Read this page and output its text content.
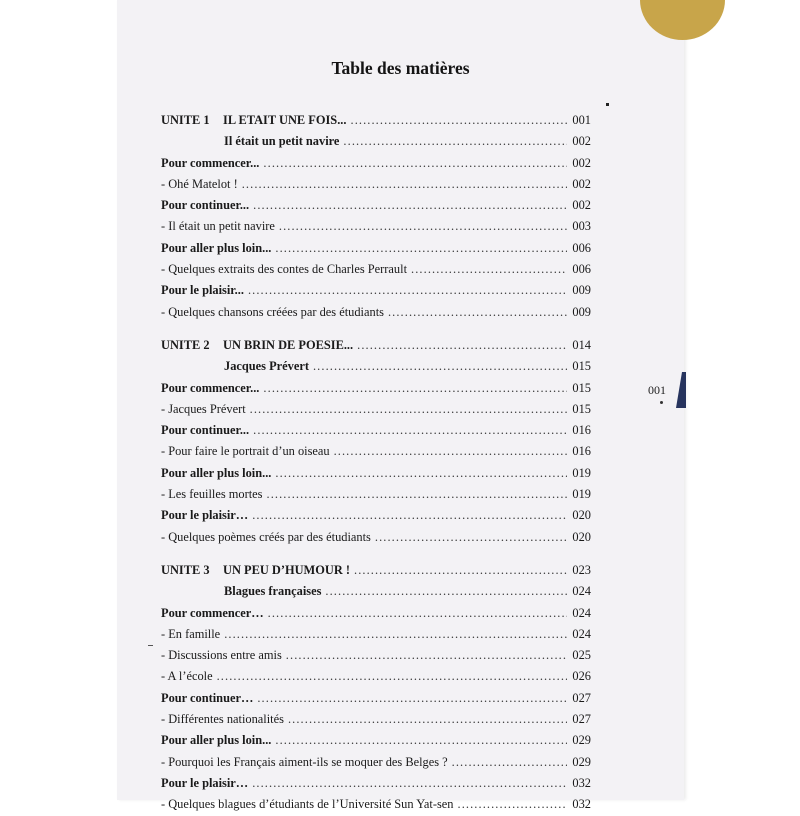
Table des matières
UNITE 1 IL ETAIT UNE FOIS... .....	001
Il était un petit navire .....	002
Pour commencer... .....	002
- Ohé Matelot ! .....	002
Pour continuer... .....	002
- Il était un petit navire .....	003
Pour aller plus loin... .....	006
- Quelques extraits des contes de Charles Perrault .....	006
Pour le plaisir... .....	009
- Quelques chansons créées par des étudiants .....	009
UNITE 2 UN BRIN DE POESIE... .....	014
Jacques Prévert .....	015
Pour commencer... .....	015
- Jacques Prévert .....	015
Pour continuer... .....	016
- Pour faire le portrait d’un oiseau .....	016
Pour aller plus loin... .....	019
- Les feuilles mortes .....	019
Pour le plaisir… .....	020
- Quelques poèmes créés par des étudiants .....	020
UNITE 3 UN PEU D’HUMOUR ! .....	023
Blagues françaises .....	024
Pour commencer… .....	024
- En famille .....	024
- Discussions entre amis .....	025
- A l’école .....	026
Pour continuer… .....	027
- Différentes nationalités .....	027
Pour aller plus loin... .....	029
- Pourquoi les Français aiment-ils se moquer des Belges ? .....	029
Pour le plaisir… .....	032
- Quelques blagues d’étudiants de l’Université Sun Yat-sen .....	032
001
